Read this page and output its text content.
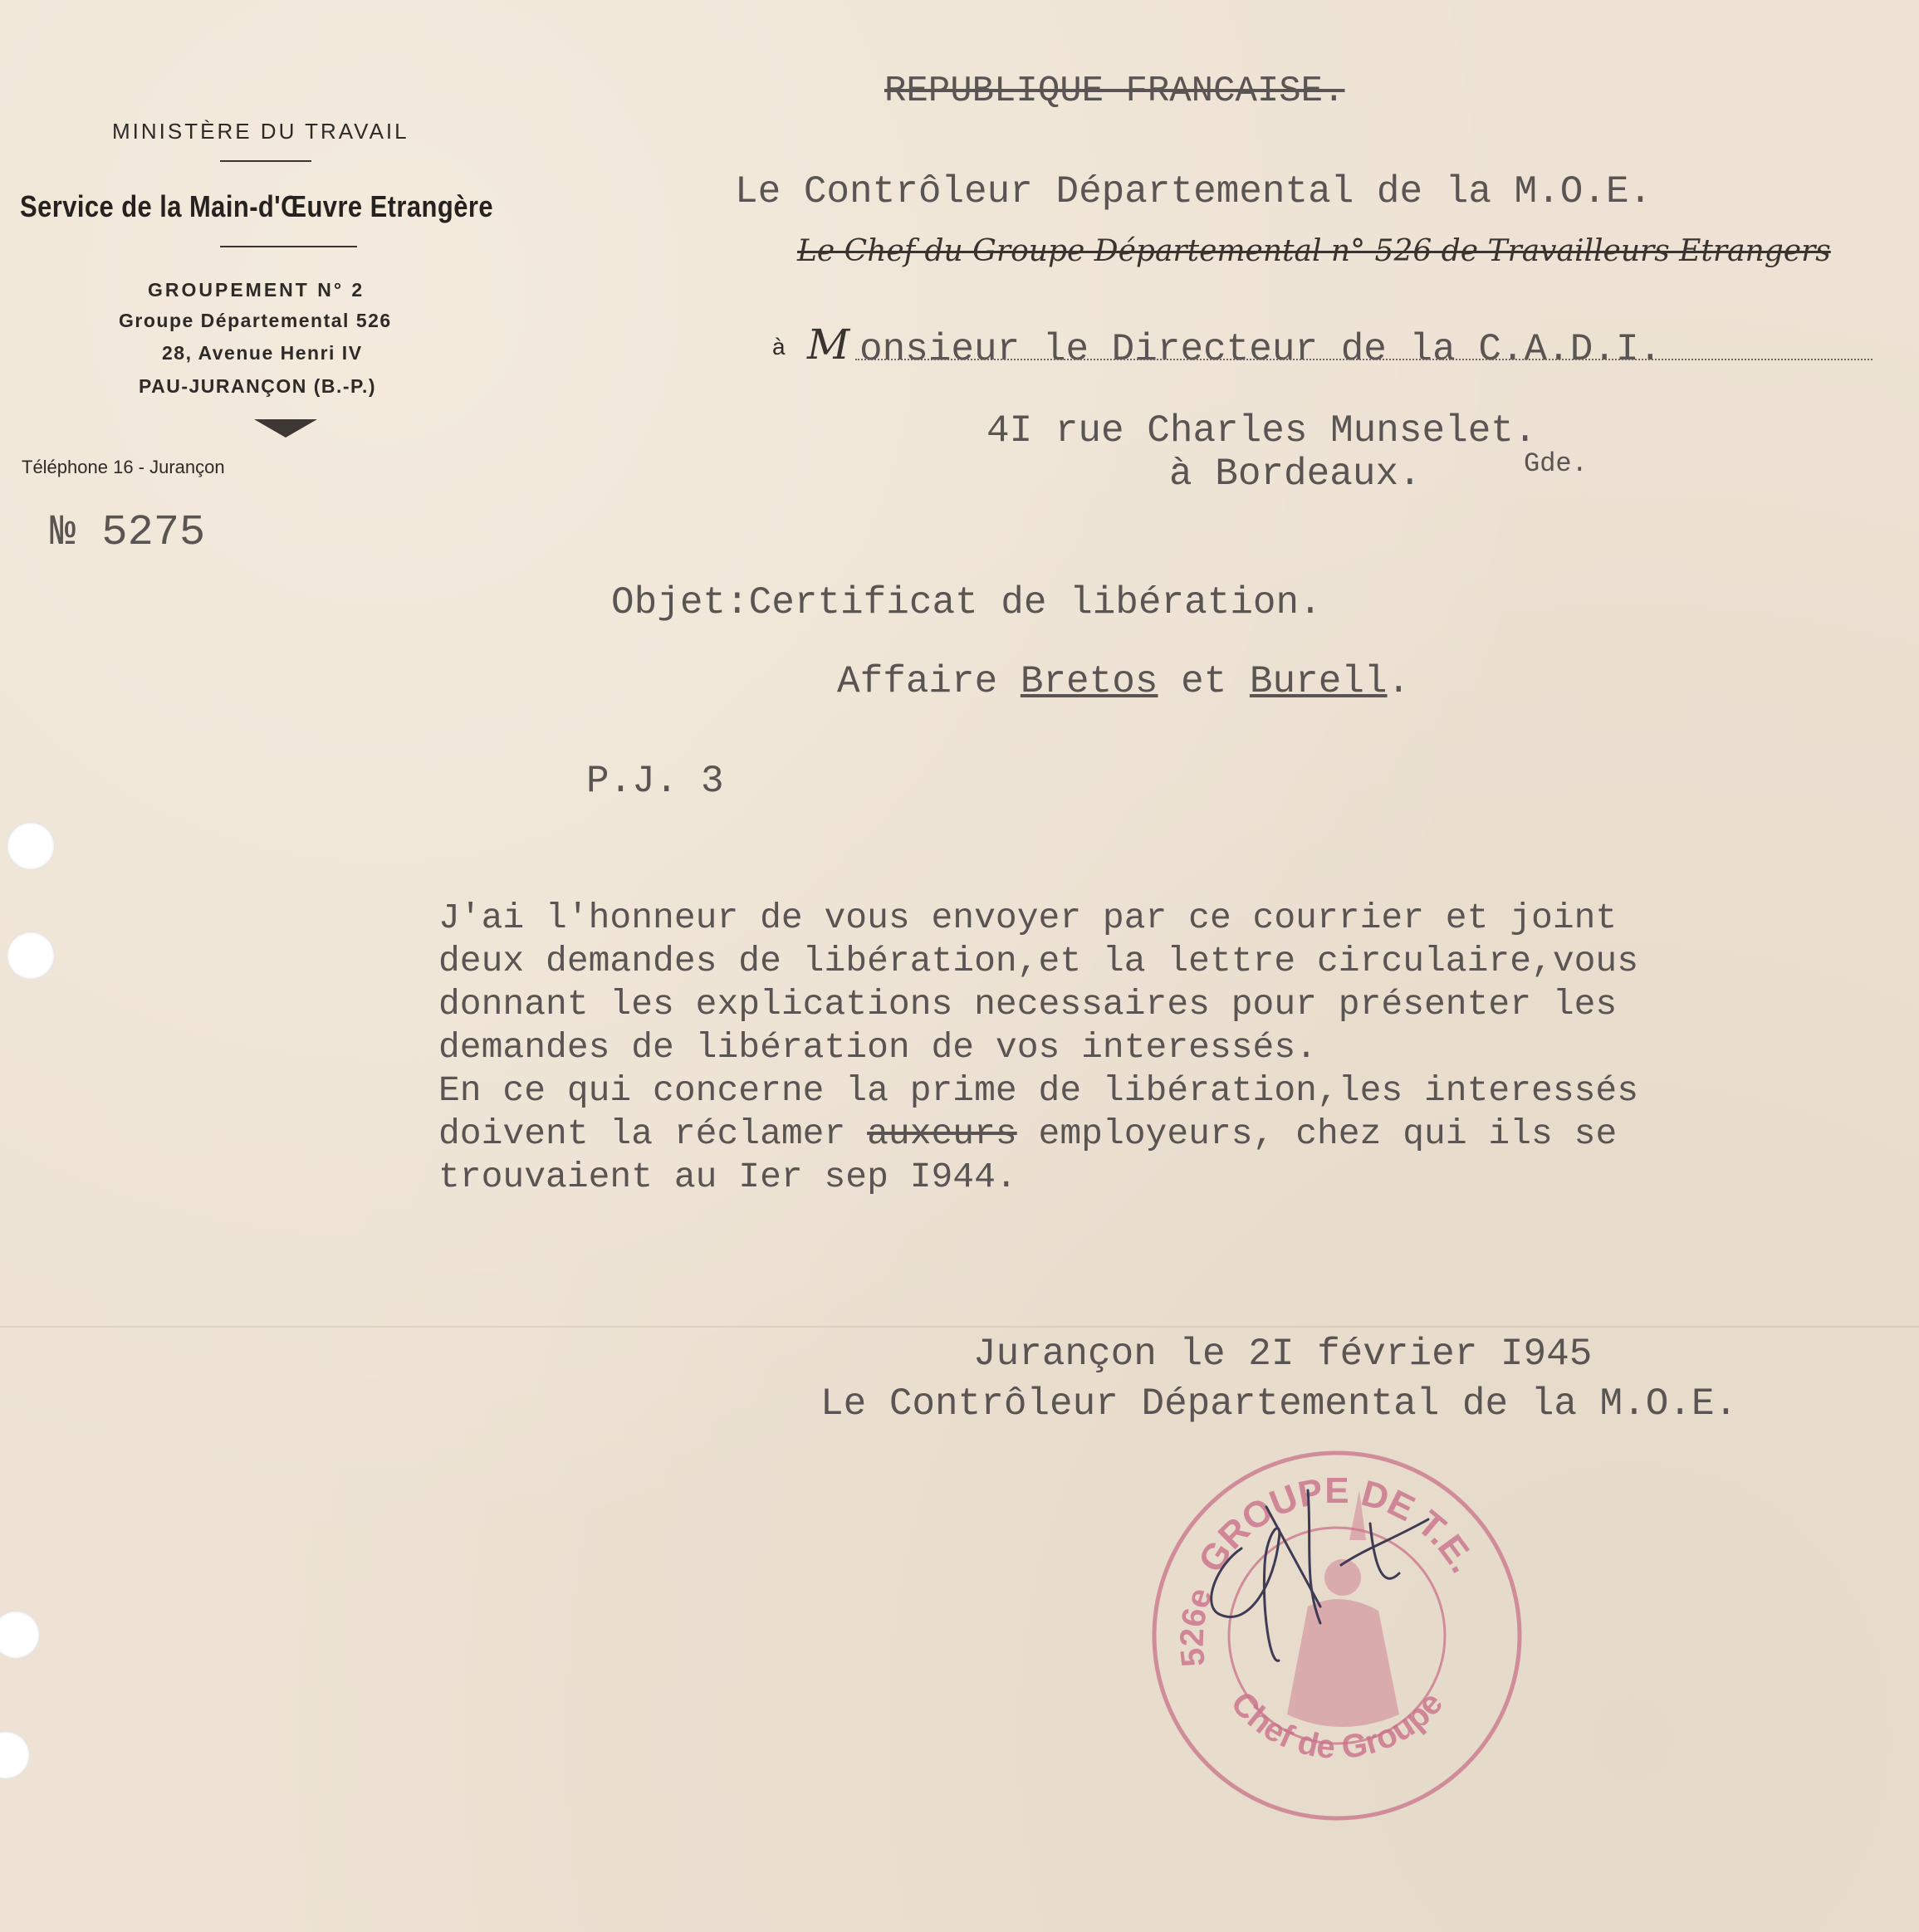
MINISTÈRE DU TRAVAIL
Service de la Main-d'Œuvre Etrangère
GROUPEMENT N° 2
Groupe Départemental 526
28, Avenue Henri IV
PAU-JURANÇON (B.-P.)
Téléphone 16 - Jurançon
№ 5275
REPUBLIQUE FRANCAISE.
Le Contrôleur Départemental de la M.O.E.
Le Chef du Groupe Départemental n° 526 de Travailleurs Etrangers
à M onsieur le Directeur de la C.A.D.I.
4I rue Charles Munselet.
à Bordeaux.	Gde.
Objet:Certificat de libération.
Affaire Bretos et Burell.
P.J. 3
J'ai l'honneur de vous envoyer par ce courrier et joint
deux demandes de libération,et la lettre circulaire,vous
donnant les explications necessaires pour présenter les
demandes de libération de vos interessés.
En ce qui concerne la prime de libération,les interessés
doivent la réclamer auxeurs employeurs, chez qui ils se
trouvaient au Ier sep I944.
Jurançon le 2I février I945
Le Contrôleur Départemental de la M.O.E.
GROUPE DE T.E.
526e
Chef de Groupe
